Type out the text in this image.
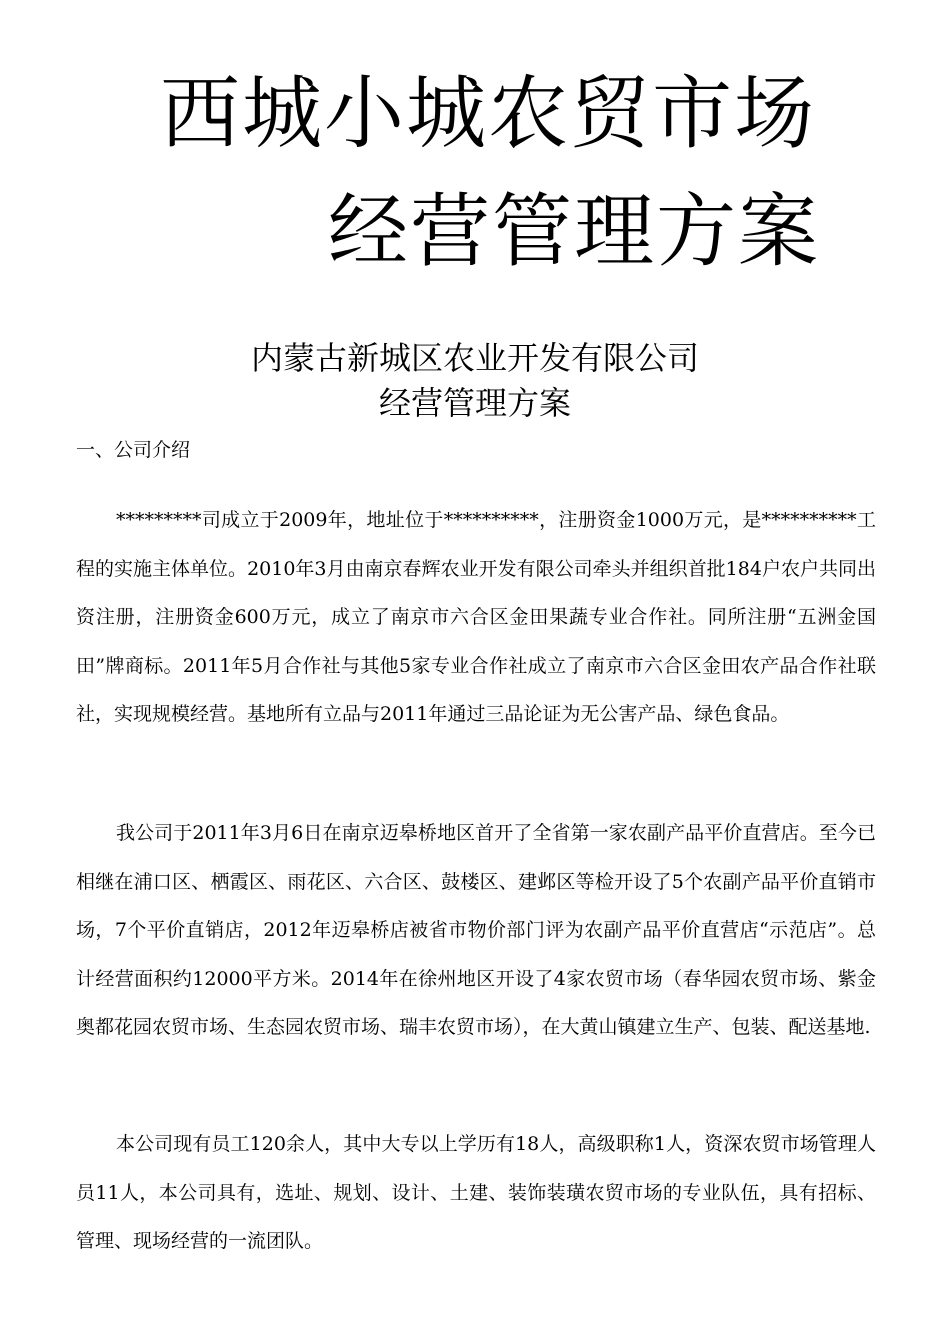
西城小城农贸市场
经营管理方案
内蒙古新城区农业开发有限公司
经营管理方案

一、公司介绍

*********司成立于2009年，地址位于**********，注册资金1000万元，是**********工程的实施主体单位。2010年3月由南京春辉农业开发有限公司牵头并组织首批184户农户共同出资注册，注册资金600万元，成立了南京市六合区金田果蔬专业合作社。同所注册“五洲金国田”牌商标。2011年5月合作社与其他5家专业合作社成立了南京市六合区金田农产品合作社联社，实现规模经营。基地所有立品与2011年通过三品论证为无公害产品、绿色食品。

我公司于2011年3月6日在南京迈皋桥地区首开了全省第一家农副产品平价直营店。至今已相继在浦口区、栖霞区、雨花区、六合区、鼓楼区、建邺区等检开设了5个农副产品平价直销市场，7个平价直销店，2012年迈皋桥店被省市物价部门评为农副产品平价直营店“示范店”。总计经营面积约12000平方米。2014年在徐州地区开设了4家农贸市场（春华园农贸市场、紫金奥都花园农贸市场、生态园农贸市场、瑞丰农贸市场），在大黄山镇建立生产、包装、配送基地.

本公司现有员工120余人，其中大专以上学历有18人，高级职称1人，资深农贸市场管理人员11人，本公司具有，选址、规划、设计、土建、装饰装璜农贸市场的专业队伍，具有招标、管理、现场经营的一流团队。
